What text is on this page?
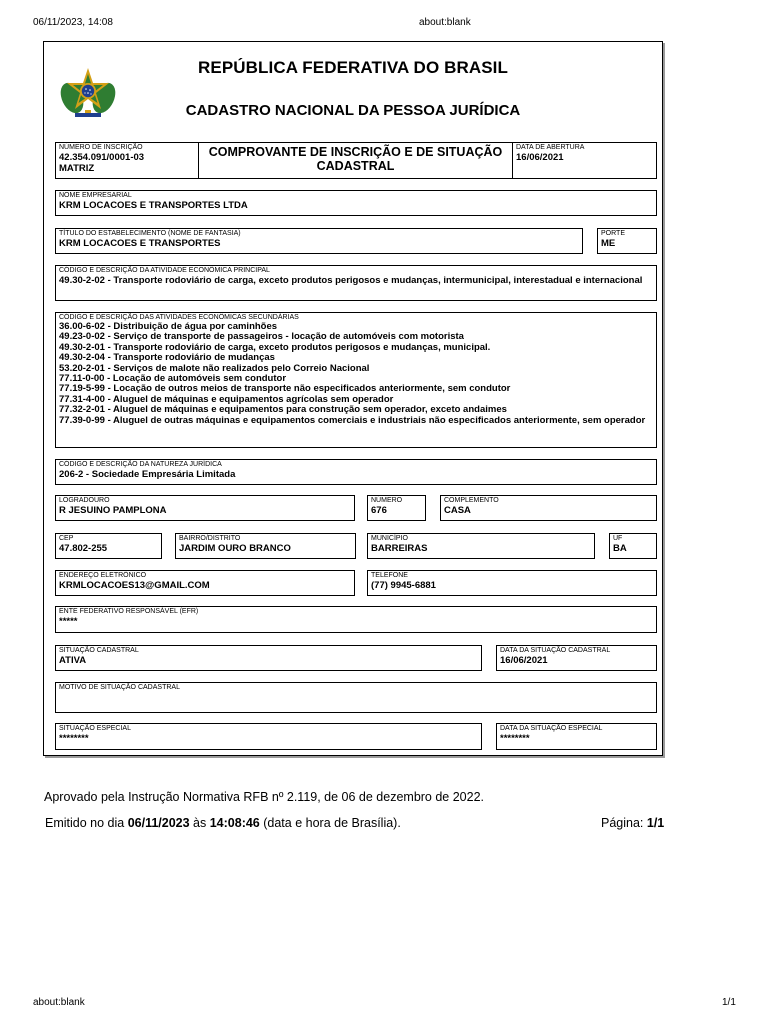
06/11/2023, 14:08	about:blank
REPÚBLICA FEDERATIVA DO BRASIL
CADASTRO NACIONAL DA PESSOA JURÍDICA
NÚMERO DE INSCRIÇÃO
42.354.091/0001-03
MATRIZ
COMPROVANTE DE INSCRIÇÃO E DE SITUAÇÃO CADASTRAL
DATA DE ABERTURA
16/06/2021
NOME EMPRESARIAL
KRM LOCACOES E TRANSPORTES LTDA
TÍTULO DO ESTABELECIMENTO (NOME DE FANTASIA)
KRM LOCACOES E TRANSPORTES
PORTE
ME
CÓDIGO E DESCRIÇÃO DA ATIVIDADE ECONÔMICA PRINCIPAL
49.30-2-02 - Transporte rodoviário de carga, exceto produtos perigosos e mudanças, intermunicipal, interestadual e internacional
CÓDIGO E DESCRIÇÃO DAS ATIVIDADES ECONÔMICAS SECUNDÁRIAS
36.00-6-02 - Distribuição de água por caminhões
49.23-0-02 - Serviço de transporte de passageiros - locação de automóveis com motorista
49.30-2-01 - Transporte rodoviário de carga, exceto produtos perigosos e mudanças, municipal.
49.30-2-04 - Transporte rodoviário de mudanças
53.20-2-01 - Serviços de malote não realizados pelo Correio Nacional
77.11-0-00 - Locação de automóveis sem condutor
77.19-5-99 - Locação de outros meios de transporte não especificados anteriormente, sem condutor
77.31-4-00 - Aluguel de máquinas e equipamentos agrícolas sem operador
77.32-2-01 - Aluguel de máquinas e equipamentos para construção sem operador, exceto andaimes
77.39-0-99 - Aluguel de outras máquinas e equipamentos comerciais e industriais não especificados anteriormente, sem operador
CÓDIGO E DESCRIÇÃO DA NATUREZA JURÍDICA
206-2 - Sociedade Empresária Limitada
LOGRADOURO
R JESUINO PAMPLONA
NÚMERO
676
COMPLEMENTO
CASA
CEP
47.802-255
BAIRRO/DISTRITO
JARDIM OURO BRANCO
MUNICÍPIO
BARREIRAS
UF
BA
ENDEREÇO ELETRÔNICO
KRMLOCACOES13@GMAIL.COM
TELEFONE
(77) 9945-6881
ENTE FEDERATIVO RESPONSÁVEL (EFR)
*****
SITUAÇÃO CADASTRAL
ATIVA
DATA DA SITUAÇÃO CADASTRAL
16/06/2021
MOTIVO DE SITUAÇÃO CADASTRAL
SITUAÇÃO ESPECIAL
********
DATA DA SITUAÇÃO ESPECIAL
********
Aprovado pela Instrução Normativa RFB nº 2.119, de 06 de dezembro de 2022.
Emitido no dia 06/11/2023 às 14:08:46 (data e hora de Brasília).	Página: 1/1
about:blank	1/1
